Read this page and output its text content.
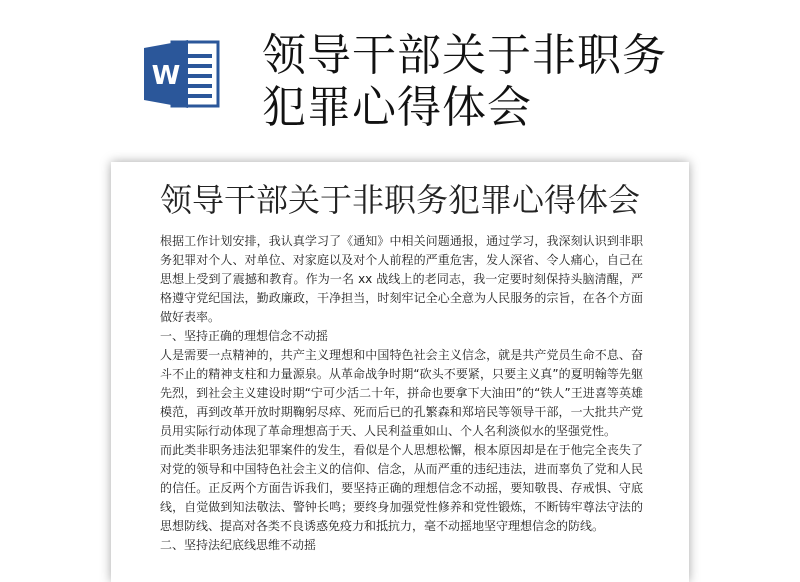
W 领导干部关于非职务
犯罪心得体会
领导干部关于非职务犯罪心得体会

根据工作计划安排，我认真学习了《通知》中相关问题通报，通过学习，我深刻认识到非职务犯罪对个人、对单位、对家庭以及对个人前程的严重危害，发人深省、令人痛心，自己在思想上受到了震撼和教育。作为一名 xx 战线上的老同志，我一定要时刻保持头脑清醒，严格遵守党纪国法，勤政廉政，干净担当，时刻牢记全心全意为人民服务的宗旨，在各个方面做好表率。

一、坚持正确的理想信念不动摇

人是需要一点精神的，共产主义理想和中国特色社会主义信念，就是共产党员生命不息、奋斗不止的精神支柱和力量源泉。从革命战争时期“砍头不要紧，只要主义真”的夏明翰等先躯先烈，到社会主义建设时期“宁可少活二十年，拼命也要拿下大油田”的“铁人”王进喜等英雄模范，再到改革开放时期鞠躬尽瘁、死而后已的孔繁森和郑培民等领导干部，一大批共产党员用实际行动体现了革命理想高于天、人民利益重如山、个人名利淡似水的坚强党性。

而此类非职务违法犯罪案件的发生，看似是个人思想松懈，根本原因却是在于他完全丧失了对党的领导和中国特色社会主义的信仰、信念，从而严重的违纪违法，进而辜负了党和人民的信任。正反两个方面告诉我们，要坚持正确的理想信念不动摇，要知敬畏、存戒惧、守底线，自觉做到知法敬法、警钟长鸣；要终身加强党性修养和党性锻炼，不断铸牢尊法守法的思想防线、提高对各类不良诱惑免疫力和抵抗力，毫不动摇地坚守理想信念的防线。

二、坚持法纪底线思维不动摇
